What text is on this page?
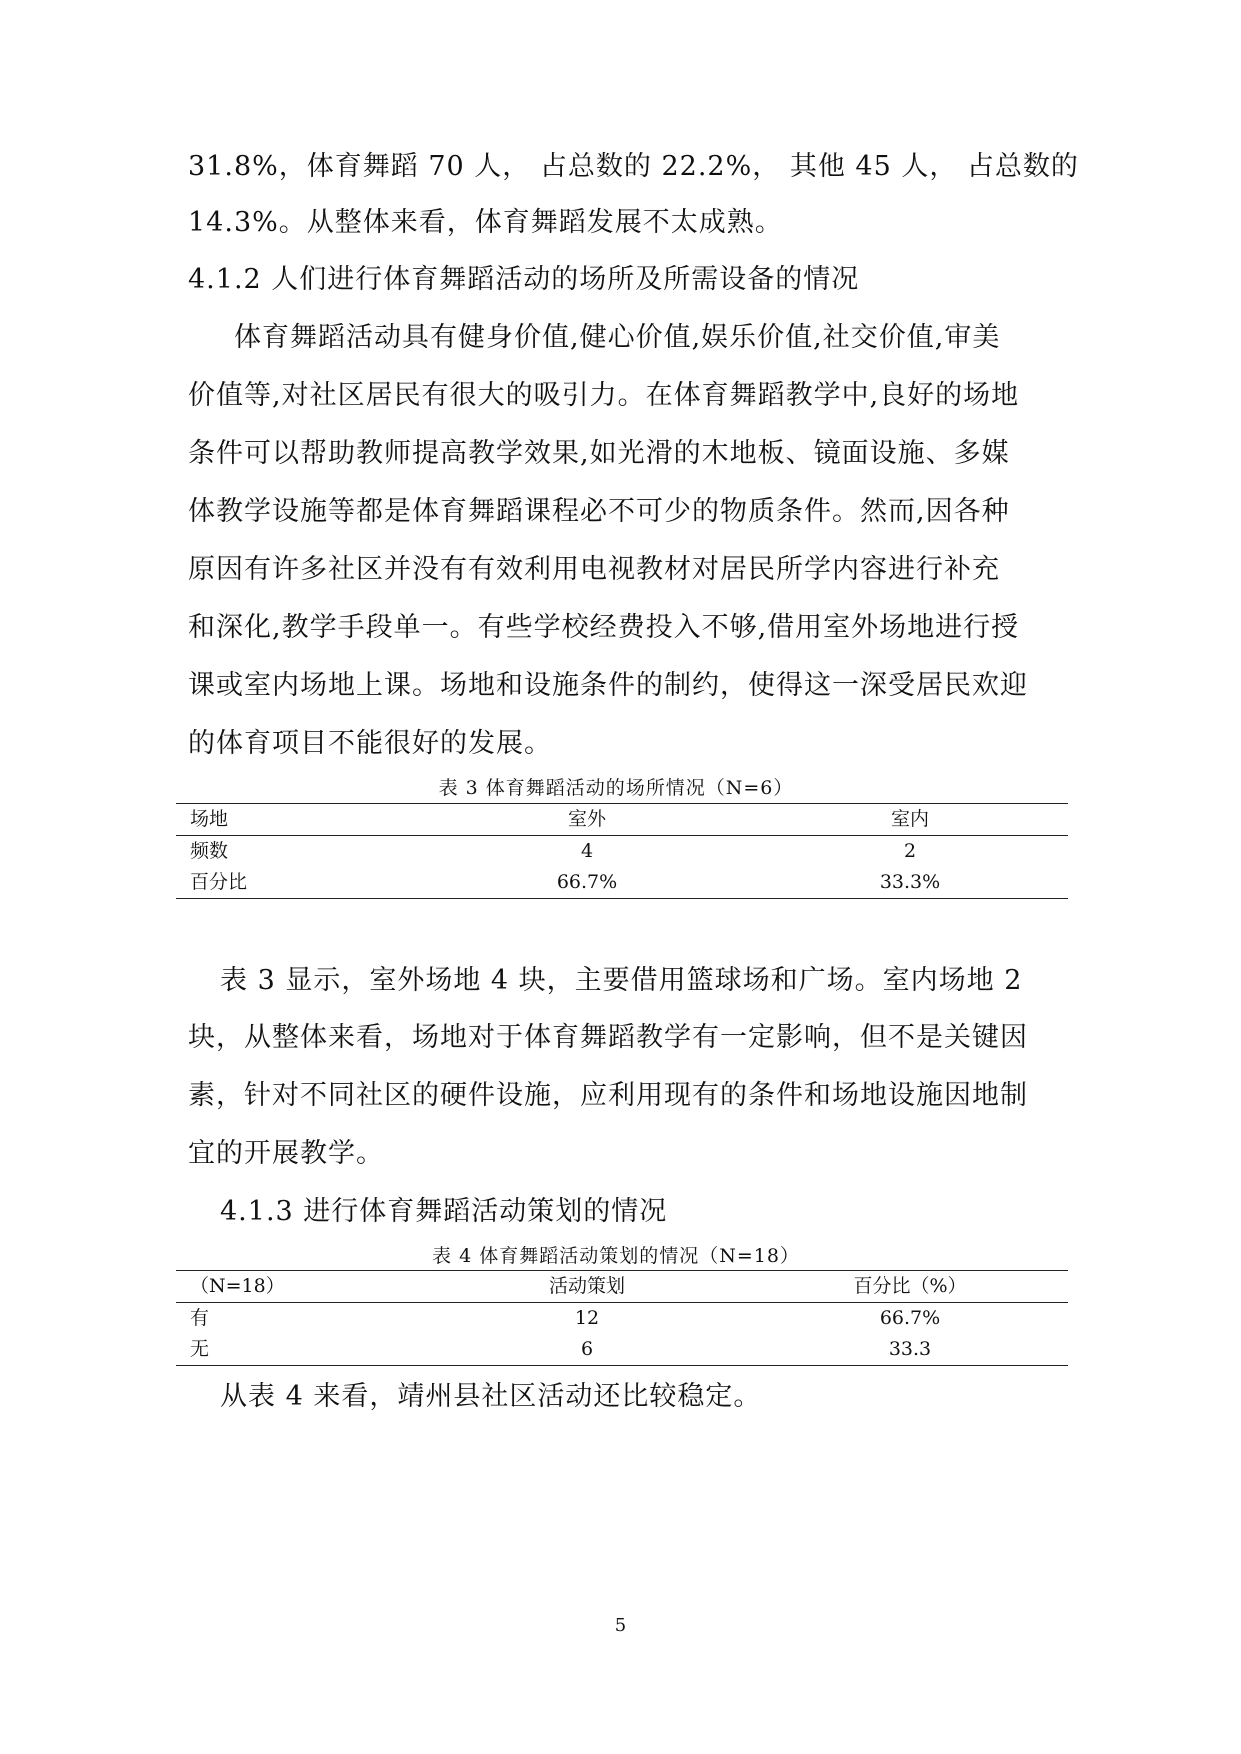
31.8%，体育舞蹈 70 人， 占总数的 22.2%， 其他 45 人， 占总数的
14.3%。从整体来看，体育舞蹈发展不太成熟。
4.1.2 人们进行体育舞蹈活动的场所及所需设备的情况
体育舞蹈活动具有健身价值,健心价值,娱乐价值,社交价值,审美
价值等,对社区居民有很大的吸引力。在体育舞蹈教学中,良好的场地
条件可以帮助教师提高教学效果,如光滑的木地板、镜面设施、多媒
体教学设施等都是体育舞蹈课程必不可少的物质条件。然而,因各种
原因有许多社区并没有有效利用电视教材对居民所学内容进行补充
和深化,教学手段单一。有些学校经费投入不够,借用室外场地进行授
课或室内场地上课。场地和设施条件的制约，使得这一深受居民欢迎
的体育项目不能很好的发展。
表 3 体育舞蹈活动的场所情况（N=6）
场地	室外	室内
频数	4	2
百分比	66.7%	33.3%
表 3 显示，室外场地 4 块，主要借用篮球场和广场。室内场地 2
块，从整体来看，场地对于体育舞蹈教学有一定影响，但不是关键因
素，针对不同社区的硬件设施，应利用现有的条件和场地设施因地制
宜的开展教学。
4.1.3 进行体育舞蹈活动策划的情况
表 4 体育舞蹈活动策划的情况（N=18）
（N=18）	活动策划	百分比（%）
有	12	66.7%
无	6	33.3
从表 4 来看，靖州县社区活动还比较稳定。
5
